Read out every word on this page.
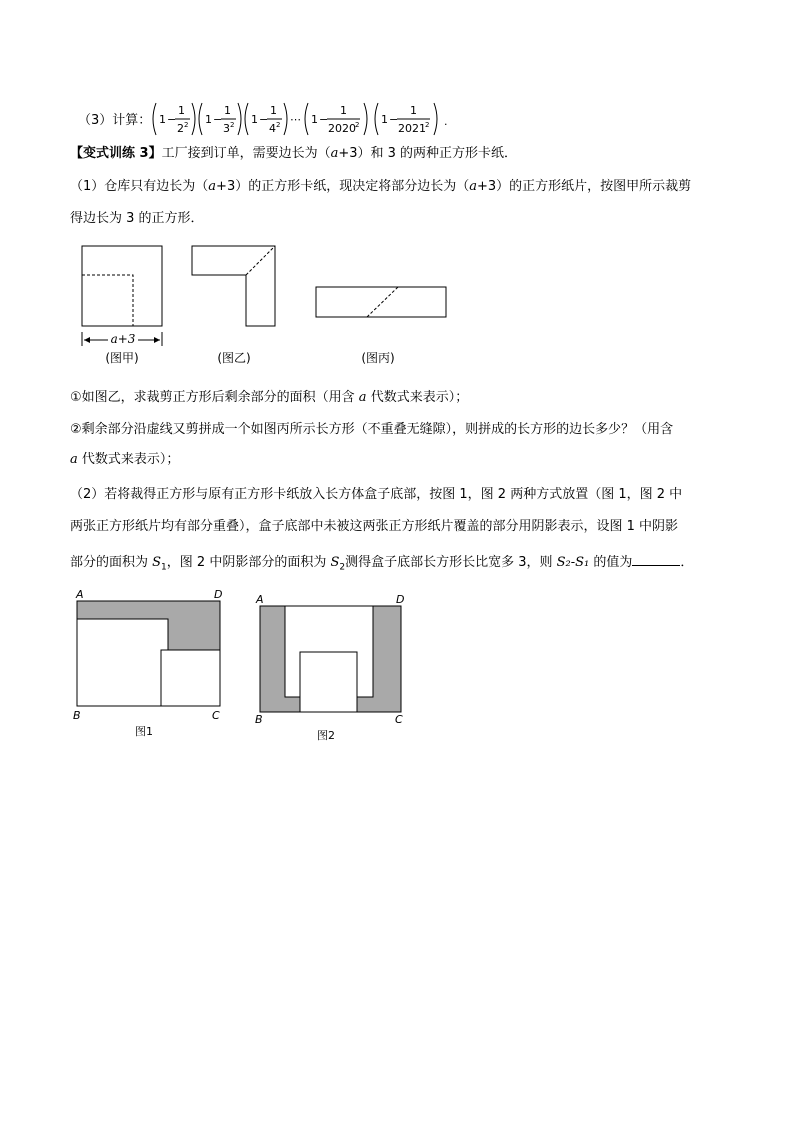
（3）计算： 1 −
1
2 2 1 −
1
3 2 1 −
1
4 2 ⋯ 1 −
1
2020 2 1 −
1
2021 2 .
【变式训练 3】工厂接到订单，需要边长为（a+3）和 3 的两种正方形卡纸．
（1）仓库只有边长为（a+3）的正方形卡纸，现决定将部分边长为（a+3）的正方形纸片，按图甲所示裁剪
得边长为 3 的正方形．
a+3
(图甲)	(图乙)	(图丙)
①如图乙，求裁剪正方形后剩余部分的面积（用含 a 代数式来表示）；
②剩余部分沿虚线又剪拼成一个如图丙所示长方形（不重叠无缝隙），则拼成的长方形的边长多少？（用含
a 代数式来表示）；
（2）若将裁得正方形与原有正方形卡纸放入长方体盒子底部，按图 1，图 2 两种方式放置（图 1，图 2 中
两张正方形纸片均有部分重叠），盒子底部中未被这两张正方形纸片覆盖的部分用阴影表示，设图 1 中阴影
部分的面积为 $S_1$，图 2 中阴影部分的面积为 $S_2$测得盒子底部长方形长比宽多 3，则 S₂-S₁ 的值为	．
A	D
B	C
图1
A	D
B	C
图2
